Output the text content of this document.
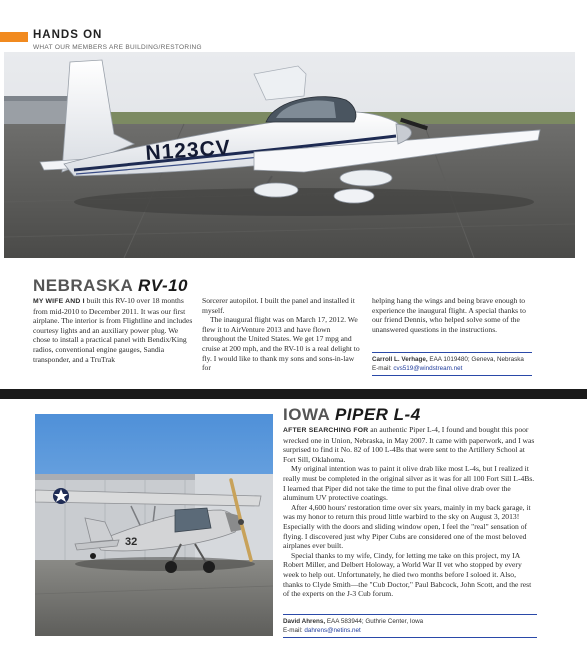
HANDS ON
WHAT OUR MEMBERS ARE BUILDING/RESTORING
N123CV
NEBRASKA RV-10

MY WIFE AND I built this RV-10 over 18 months from mid-2010 to December 2011. It was our first airplane. The interior is from Flightline and includes courtesy lights and an auxiliary power plug. We chose to install a practical panel with Bendix/King radios, conventional engine gauges, Sandia transponder, and a TruTrak

Sorcerer autopilot. I built the panel and installed it myself.

The inaugural flight was on March 17, 2012. We flew it to AirVenture 2013 and have flown throughout the United States. We get 17 mpg and cruise at 200 mph, and the RV-10 is a real delight to fly. I would like to thank my sons and sons-in-law for

helping hang the wings and being brave enough to experience the inaugural flight. A special thanks to our friend Dennis, who helped solve some of the unanswered questions in the instructions.

Carroll L. Verhage, EAA 1019480; Geneva, Nebraska
E-mail: cvs519@windstream.net
32
IOWA PIPER L-4

AFTER SEARCHING FOR an authentic Piper L-4, I found and bought this poor wrecked one in Union, Nebraska, in May 2007. It came with paperwork, and I was surprised to find it No. 82 of 100 L-4Bs that were sent to the Artillery School at Fort Sill, Oklahoma.

My original intention was to paint it olive drab like most L-4s, but I realized it really must be completed in the original silver as it was for all 100 Fort Sill L-4Bs. I learned that Piper did not take the time to put the final olive drab over the aluminum UV protective coatings.

After 4,600 hours' restoration time over six years, mainly in my back garage, it was my honor to return this proud little warbird to the sky on August 3, 2013! Especially with the doors and sliding window open, I feel the "real" sensation of flying. I discovered just why Piper Cubs are considered one of the most beloved airplanes ever built.

Special thanks to my wife, Cindy, for letting me take on this project, my IA Robert Miller, and Delbert Holoway, a World War II vet who stopped by every week to help out. Unfortunately, he died two months before I soloed it. Also, thanks to Clyde Smith—the "Cub Doctor," Paul Babcock, John Scott, and the rest of the experts on the J-3 Cub forum.

David Ahrens, EAA 583944; Guthrie Center, Iowa
E-mail: dahrens@netins.net
